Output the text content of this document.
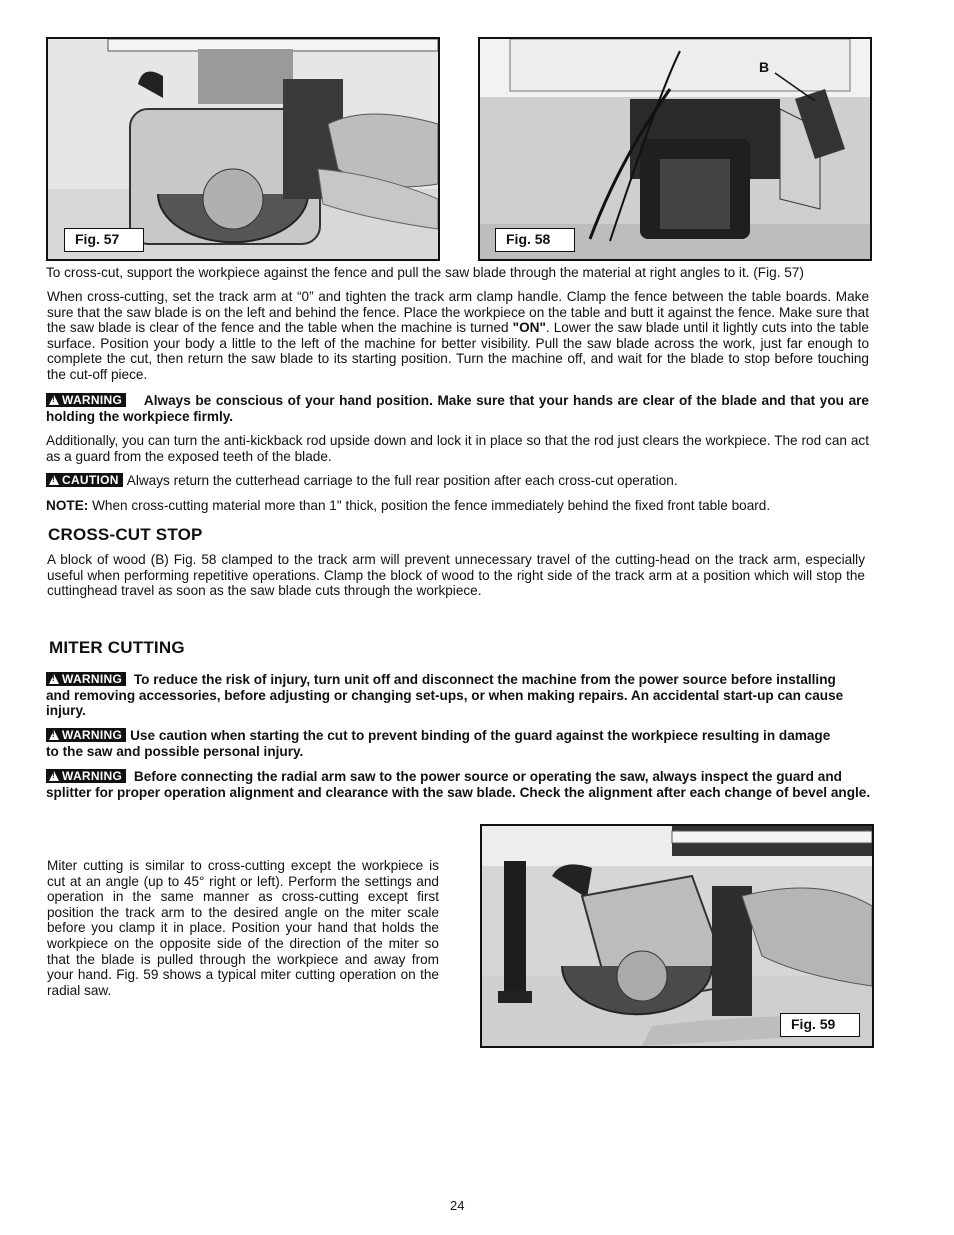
Fig. 57
B
Fig. 58
To cross-cut, support the workpiece against the fence and pull the saw blade through the material at right angles to it. (Fig. 57)
When cross-cutting, set the track arm at “0” and tighten the track arm clamp handle. Clamp the fence between the table boards. Make sure that the saw blade is on the left and behind the fence. Place the workpiece on the table and butt it against the fence. Make sure that the saw blade is clear of the fence and the table when the machine is turned "ON". Lower the saw blade until it lightly cuts into the table surface. Position your body a little to the left of the machine for better visibility. Pull the saw blade across the work, just far enough to complete the cut, then return the saw blade to its starting position. Turn the machine off, and wait for the blade to stop before touching the cut-off piece.
!WARNING Always be conscious of your hand position. Make sure that your hands are clear of the blade and that you are holding the workpiece firmly.
Additionally, you can turn the anti-kickback rod upside down and lock it in place so that the rod just clears the workpiece. The rod can act as a guard from the exposed teeth of the blade.
!CAUTION Always return the cutterhead carriage to the full rear position after each cross-cut operation.
NOTE: When cross-cutting material more than 1" thick, position the fence immediately behind the fixed front table board.
CROSS-CUT STOP
A block of wood (B) Fig. 58 clamped to the track arm will prevent unnecessary travel of the cutting-head on the track arm, especially useful when performing repetitive operations. Clamp the block of wood to the right side of the track arm at a position which will stop the cuttinghead travel as soon as the saw blade cuts through the workpiece.
MITER CUTTING
!WARNING To reduce the risk of injury, turn unit off and disconnect the machine from the power source before installing and removing accessories, before adjusting or changing set-ups, or when making repairs. An accidental start-up can cause injury.
!WARNING Use caution when starting the cut to prevent binding of the guard against the workpiece resulting in damage to the saw and possible personal injury.
!WARNING Before connecting the radial arm saw to the power source or operating the saw, always inspect the guard and splitter for proper operation alignment and clearance with the saw blade. Check the alignment after each change of bevel angle.
Miter cutting is similar to cross-cutting except the workpiece is cut at an angle (up to 45° right or left). Perform the settings and operation in the same manner as cross-cutting except first position the track arm to the desired angle on the miter scale before you clamp it in place. Position your hand that holds the workpiece on the opposite side of the direction of the miter so that the blade is pulled through the workpiece and away from your hand. Fig. 59 shows a typical miter cutting operation on the radial saw.
Fig. 59
24
